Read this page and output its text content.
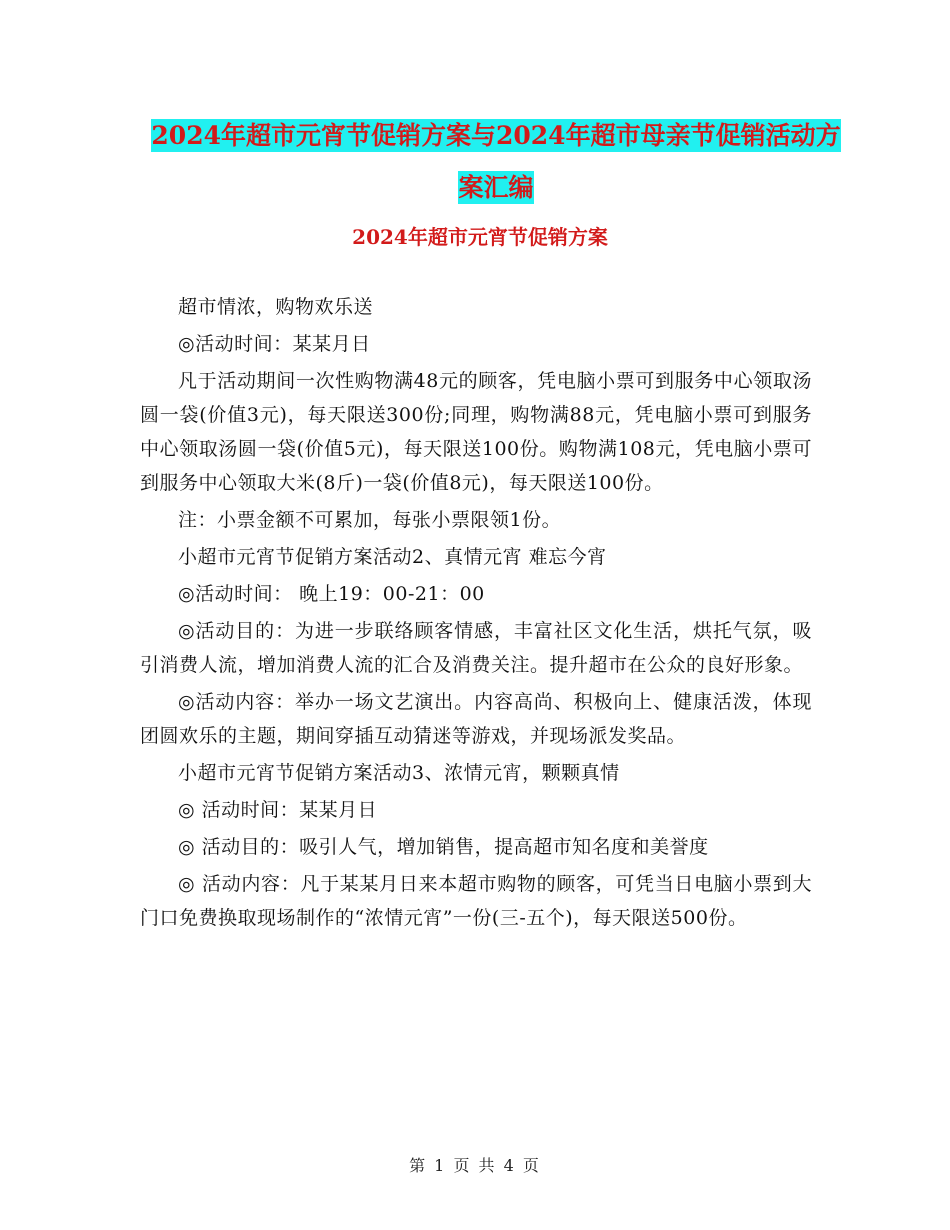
2024年超市元宵节促销方案与2024年超市母亲节促销活动方案汇编
2024年超市元宵节促销方案

超市情浓，购物欢乐送

◎活动时间：某某月日

凡于活动期间一次性购物满48元的顾客，凭电脑小票可到服务中心领取汤圆一袋(价值3元)，每天限送300份;同理，购物满88元，凭电脑小票可到服务中心领取汤圆一袋(价值5元)，每天限送100份。购物满108元，凭电脑小票可到服务中心领取大米(8斤)一袋(价值8元)，每天限送100份。

注：小票金额不可累加，每张小票限领1份。

小超市元宵节促销方案活动2、真情元宵 难忘今宵

◎活动时间： 晚上19：00-21：00

◎活动目的：为进一步联络顾客情感，丰富社区文化生活，烘托气氛，吸引消费人流，增加消费人流的汇合及消费关注。提升超市在公众的良好形象。

◎活动内容：举办一场文艺演出。内容高尚、积极向上、健康活泼，体现团圆欢乐的主题，期间穿插互动猜迷等游戏，并现场派发奖品。

小超市元宵节促销方案活动3、浓情元宵，颗颗真情

◎ 活动时间：某某月日

◎ 活动目的：吸引人气，增加销售，提高超市知名度和美誉度

◎ 活动内容：凡于某某月日来本超市购物的顾客，可凭当日电脑小票到大门口免费换取现场制作的“浓情元宵”一份(三-五个)，每天限送500份。

第 1 页 共 4 页
